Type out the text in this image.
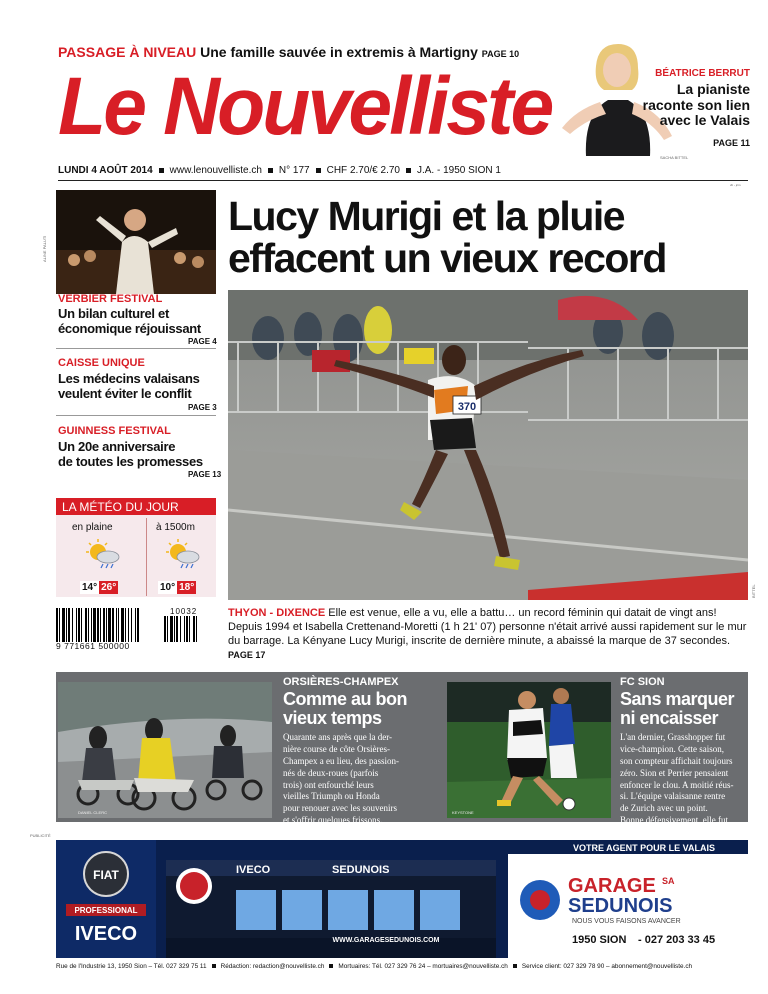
PASSAGE À NIVEAU Une famille sauvée in extremis à Martigny PAGE 10
Le Nouvelliste	BÉATRICE BERRUT
La pianiste
raconte son lien
avec le Valais
PAGE 11
SACHA BITTEL
LUNDI 4 AOÛT 2014 www.lenouvelliste.ch N° 177 CHF 2.70/€ 2.70 J.A. - 1950 SION 1
vb - jcm
ALINE PALUTI
VERBIER FESTIVAL
Un bilan culturel et
économique réjouissant
PAGE 4
CAISSE UNIQUE
Les médecins valaisans
veulent éviter le conflit
PAGE 3
GUINNESS FESTIVAL
Un 20e anniversaire
de toutes les promesses
PAGE 13
LA MÉTÉO DU JOUR
en plaine	à 1500m
14° 26°	10° 18°
10032
9 771661 500000
Lucy Murigi et la pluie
effacent un vieux record
370
BITTEL
THYON - DIXENCE Elle est venue, elle a vu, elle a battu… un record féminin qui datait de vingt ans! Depuis 1994 et Isabella Crettenand-Moretti (1 h 21' 07) personne n'était arrivé aussi rapidement sur le mur du barrage. La Kényane Lucy Murigi, inscrite de dernière minute, a abaissé la marque de 37 secondes. PAGE 17
DANIEL CLERC
ORSIÈRES-CHAMPEX
Comme au bon
vieux temps
Quarante ans après que la der-
nière course de côte Orsières-
Champex a eu lieu, des passion-
nés de deux-roues (parfois
trois) ont enfourché leurs
vieilles Triumph ou Honda
pour renouer avec les souvenirs
et s'offrir quelques frissons.
PAGE 10
KEYSTONE
FC SION
Sans marquer
ni encaisser
L'an dernier, Grasshopper fut
vice-champion. Cette saison,
son compteur affichait toujours
zéro. Sion et Perrier pensaient
enfoncer le clou. A moitié réus-
si. L'équipe valaisanne rentre
de Zurich avec un point.
Bonne défensivement, elle fut
moyenne en attaque. PAGE 15
PUBLICITÉ
FIAT
PROFESSIONAL
IVECO
IVECO	SEDUNOIS
WWW.GARAGESEDUNOIS.COM
VOTRE AGENT POUR LE VALAIS
GARAGE SA
SEDUNOIS
NOUS VOUS FAISONS AVANCER
1950 SION - 027 203 33 45
Rue de l'Industrie 13, 1950 Sion – Tél. 027 329 75 11 Rédaction: redaction@nouvelliste.ch Mortuaires: Tél. 027 329 76 24 – mortuaires@nouvelliste.ch Service client: 027 329 78 90 – abonnement@nouvelliste.ch
